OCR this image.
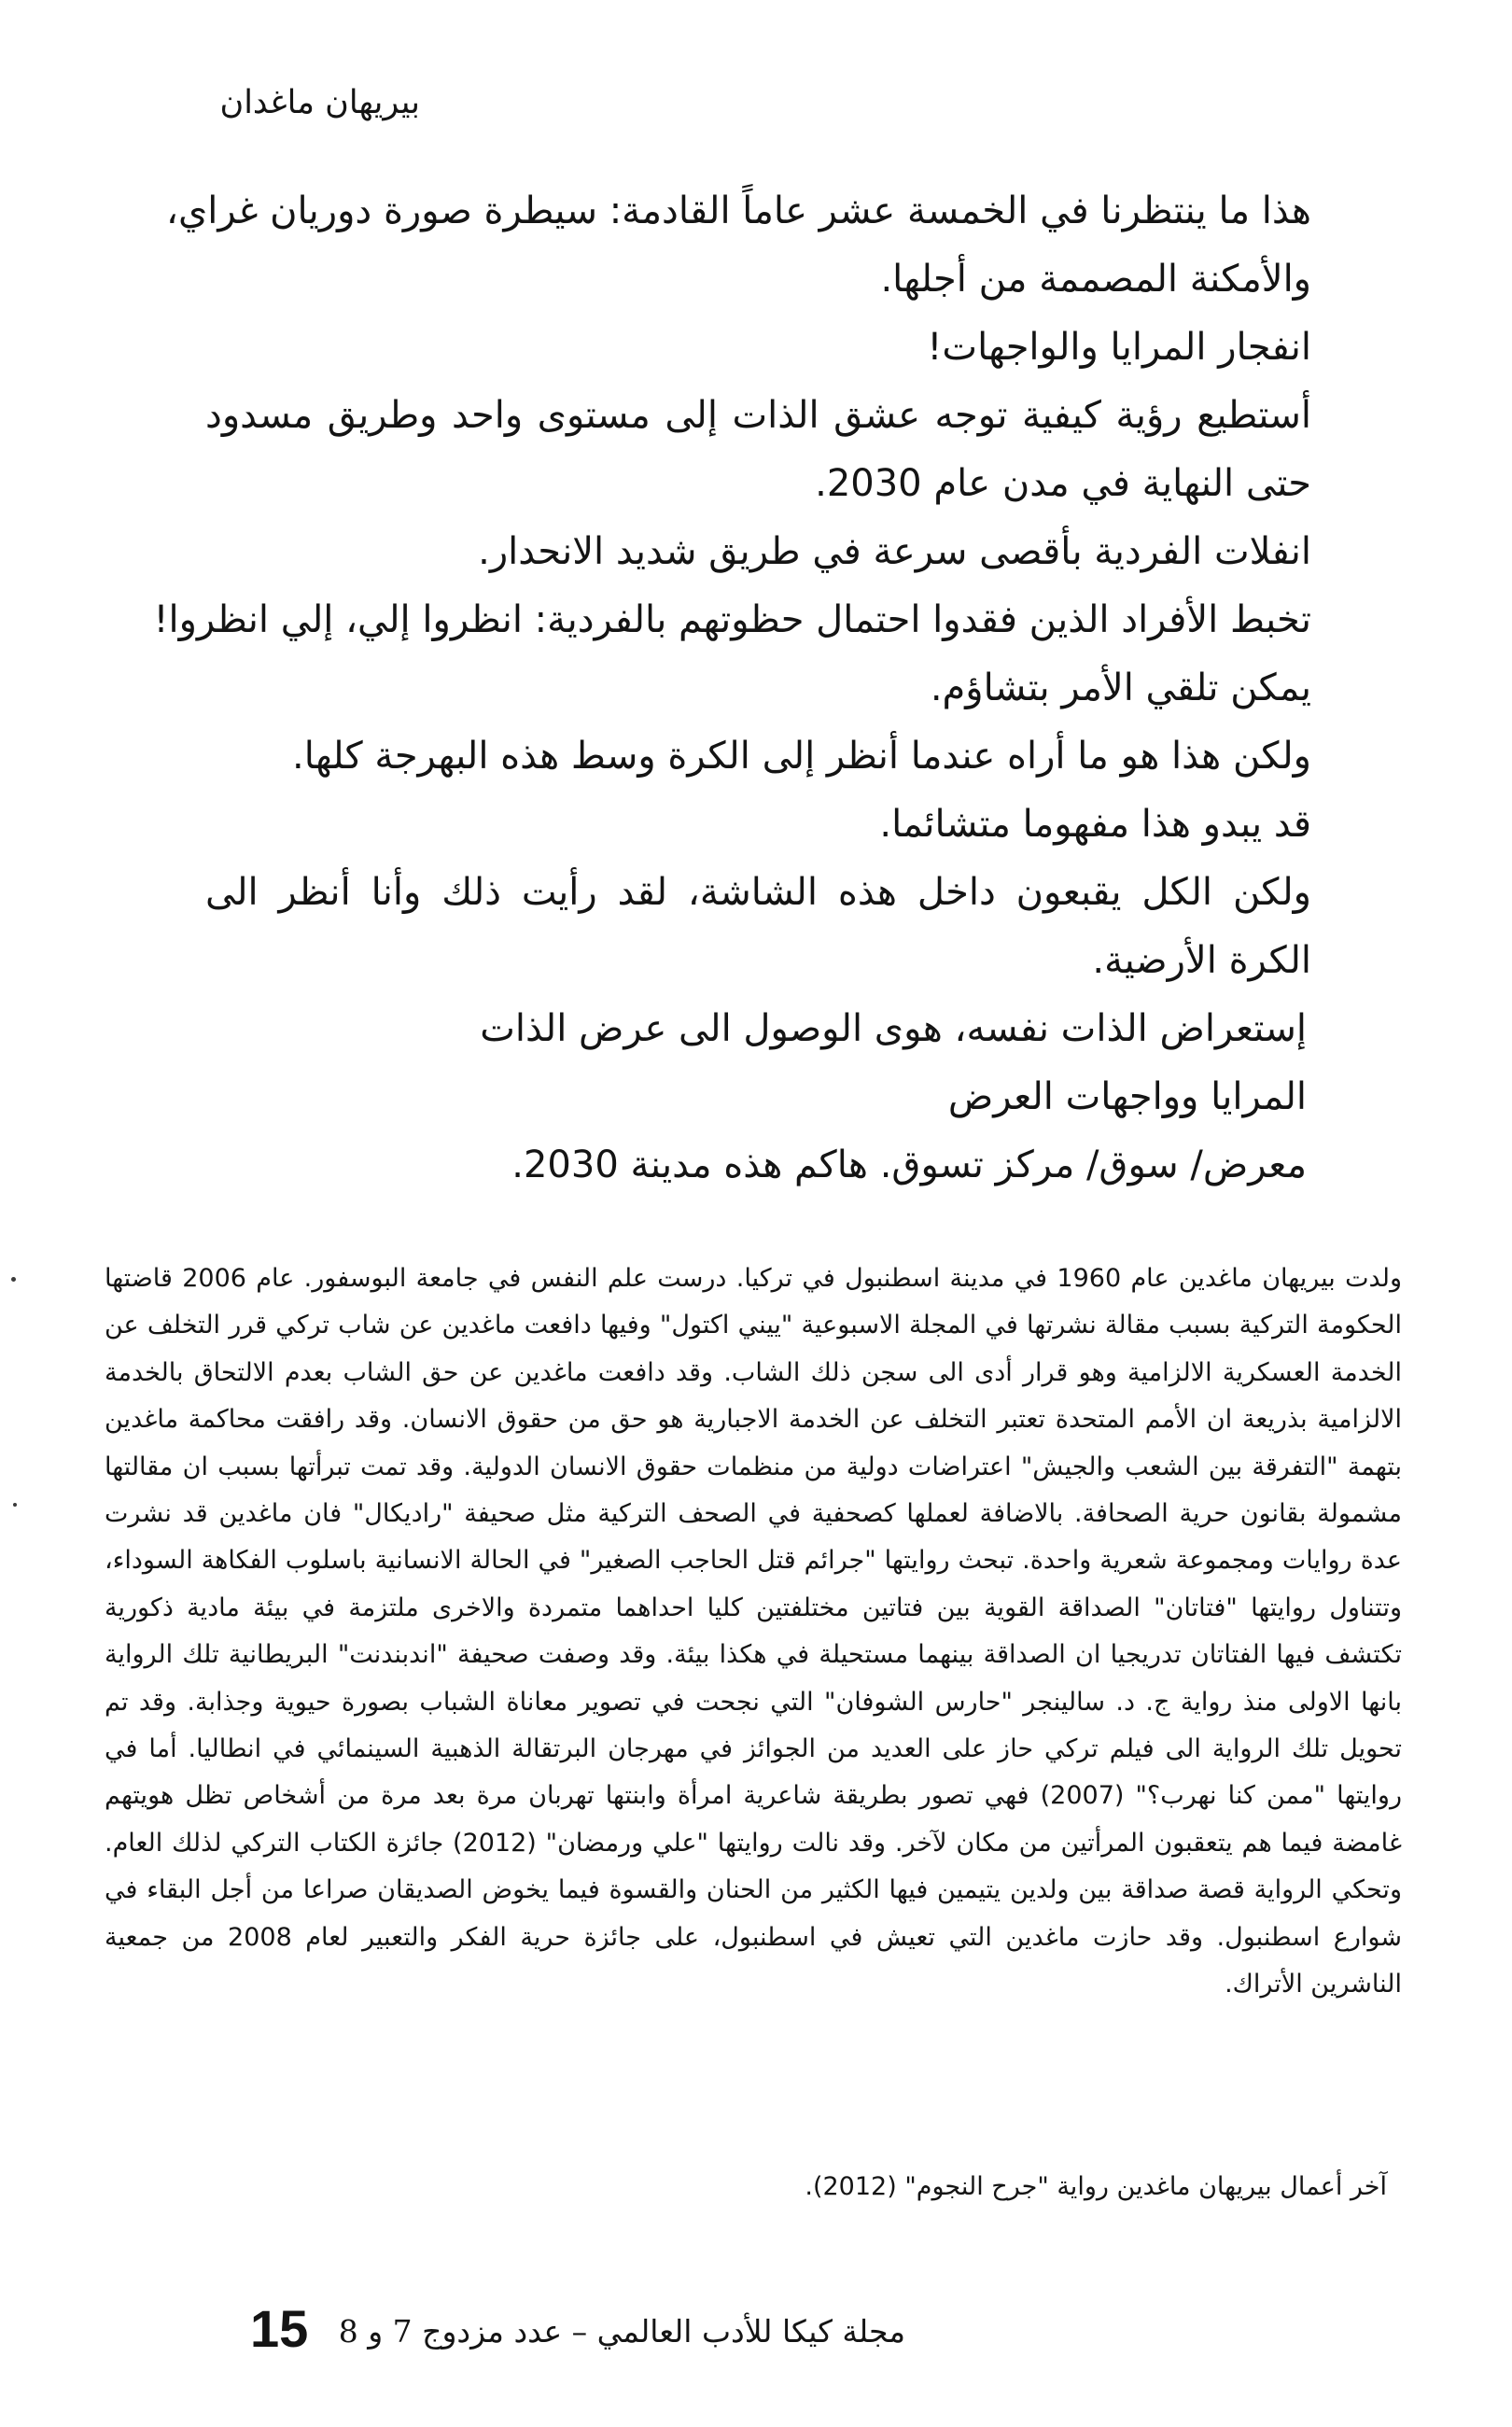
بيريهان ماغدان
هذا ما ينتظرنا في الخمسة عشر عاماً القادمة: سيطرة صورة دوريان غراي،
والأمكنة المصممة من أجلها.
انفجار المرايا والواجهات!
أستطيع رؤية كيفية توجه عشق الذات إلى مستوى واحد وطريق مسدود حتى النهاية في مدن عام 2030.
انفلات الفردية بأقصى سرعة في طريق شديد الانحدار.
تخبط الأفراد الذين فقدوا احتمال حظوتهم بالفردية: انظروا إلي، إلي انظروا!
يمكن تلقي الأمر بتشاؤم.
ولكن هذا هو ما أراه عندما أنظر إلى الكرة وسط هذه البهرجة كلها.
قد يبدو هذا مفهوما متشائما.
ولكن الكل يقبعون داخل هذه الشاشة، لقد رأيت ذلك وأنا أنظر الى الكرة الأرضية.
إستعراض الذات نفسه، هوى الوصول الى عرض الذات
المرايا وواجهات العرض
معرض/ سوق/ مركز تسوق. هاكم هذه مدينة 2030.

ولدت بيريهان ماغدين عام 1960 في مدينة اسطنبول في تركيا. درست علم النفس في جامعة البوسفور. عام 2006 قاضتها الحكومة التركية بسبب مقالة نشرتها في المجلة الاسبوعية "ييني اكتول" وفيها دافعت ماغدين عن شاب تركي قرر التخلف عن الخدمة العسكرية الالزامية وهو قرار أدى الى سجن ذلك الشاب. وقد دافعت ماغدين عن حق الشاب بعدم الالتحاق بالخدمة الالزامية بذريعة ان الأمم المتحدة تعتبر التخلف عن الخدمة الاجبارية هو حق من حقوق الانسان. وقد رافقت محاكمة ماغدين بتهمة "التفرقة بين الشعب والجيش" اعتراضات دولية من منظمات حقوق الانسان الدولية. وقد تمت تبرأتها بسبب ان مقالتها مشمولة بقانون حرية الصحافة. بالاضافة لعملها كصحفية في الصحف التركية مثل صحيفة "راديكال" فان ماغدين قد نشرت عدة روايات ومجموعة شعرية واحدة. تبحث روايتها "جرائم قتل الحاجب الصغير" في الحالة الانسانية باسلوب الفكاهة السوداء، وتتناول روايتها "فتاتان" الصداقة القوية بين فتاتين مختلفتين كليا احداهما متمردة والاخرى ملتزمة في بيئة مادية ذكورية تكتشف فيها الفتاتان تدريجيا ان الصداقة بينهما مستحيلة في هكذا بيئة. وقد وصفت صحيفة "اندبندنت" البريطانية تلك الرواية بانها الاولى منذ رواية ج. د. سالينجر "حارس الشوفان" التي نجحت في تصوير معاناة الشباب بصورة حيوية وجذابة. وقد تم تحويل تلك الرواية الى فيلم تركي حاز على العديد من الجوائز في مهرجان البرتقالة الذهبية السينمائي في انطاليا. أما في روايتها "ممن كنا نهرب؟" (2007) فهي تصور بطريقة شاعرية امرأة وابنتها تهربان مرة بعد مرة من أشخاص تظل هويتهم غامضة فيما هم يتعقبون المرأتين من مكان لآخر. وقد نالت روايتها "علي ورمضان" (2012) جائزة الكتاب التركي لذلك العام. وتحكي الرواية قصة صداقة بين ولدين يتيمين فيها الكثير من الحنان والقسوة فيما يخوض الصديقان صراعا من أجل البقاء في شوارع اسطنبول. وقد حازت ماغدين التي تعيش في اسطنبول، على جائزة حرية الفكر والتعبير لعام 2008 من جمعية الناشرين الأتراك.

آخر أعمال بيريهان ماغدين رواية "جرح النجوم" (2012).

مجلة كيكا للأدب العالمي – عدد مزدوج 7 و 8
15
